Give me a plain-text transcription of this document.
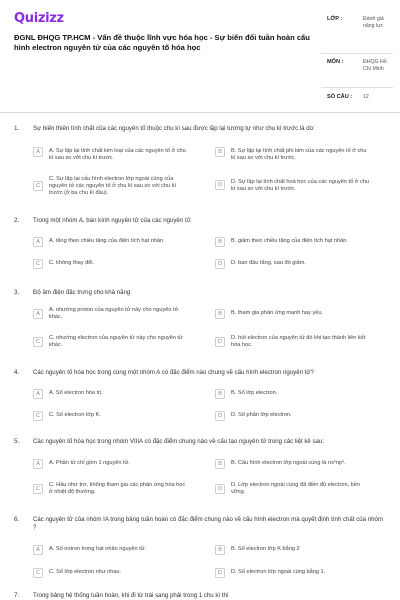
Quizizz
ĐGNL ĐHQG TP.HCM - Vấn đề thuộc lĩnh vực hóa học - Sự biến đổi tuần hoàn cấu hình electron nguyên tử của các nguyên tố hóa học
LỚP :	Đánh giá năng lực
MÔN :	ĐHQG Hồ Chí Minh
SỐ CÂU : 12
1. Sự biến thiên tính chất của các nguyên tố thuộc chu kì sau được lặp lại tương tự như chu kì trước là do:
A	A. Sự lặp lại tính chất kim loại của các nguyên tố ở chu kì sau so với chu kì trước.
B	B. Sự lặp lại tính chất phi kim của các nguyên tố ở chu kì sau so với chu kì trước.
C
C. Sự lặp lại cấu hình electron lớp ngoài cùng của nguyên tử các nguyên tố ở chu kì sau so với chu kì trước (ở ba chu kì đầu).
D	D. Sự lặp lại tính chất hoá học của các nguyên tố ở chu kì sau so với chu kì trước.
2. Trong một nhóm A, bán kính nguyên tử của các nguyên tố:
A	A. tăng theo chiều tăng của điện tích hạt nhân.	B	B. giảm theo chiều tăng của điện tích hạt nhân.
C	C. không thay đổi.	D	D. ban đầu tăng, sau đó giảm.
3. Độ âm điện đặc trưng cho khả năng
A
A. nhường proton của nguyên tử này cho nguyên tử khác.
B	B. tham gia phản ứng mạnh hay yếu.
C
C. nhường electron của nguyên tử này cho nguyên tử khác.
D
D. hút electron của nguyên tử đó khi tạo thành liên kết hóa học.
4. Các nguyên tố hóa học trong cùng một nhóm A có đặc điểm nào chung về cấu hình electron nguyên tử?
A	A. Số electron hóa trị.	B	B. Số lớp electron.
C	C. Số electron lớp K.	D	D. Số phân lớp electron.
5. Các nguyên tố hóa học trong nhóm VIIIA có đặc điểm chung nào về cấu tạo nguyên tử trong các liệt kê sau:
A	A. Phân tử chỉ gồm 1 nguyên tử.	B	B. Cấu hình electron lớp ngoài cùng là ns²np⁶.
C
C. Hầu như trơ, không tham gia các phản ứng hóa học ở nhiệt độ thường.
D
D. Lớp electron ngoài cùng đã điền đủ electron, bền vững.
6. Các nguyên tử của nhóm IA trong bảng tuần hoàn có đặc điểm chung nào về cấu hình electron mà quyết định tính chất của nhóm ?
A	A. Số notron trong hạt nhân nguyên tử.	B	B. Số electron lớp K bằng 2
C	C. Số lớp electron như nhau.	D	D. Số electron lớp ngoài cùng bằng 1.
7. Trong bảng hệ thống tuần hoàn, khi đi từ trái sang phải trong 1 chu kì thì
